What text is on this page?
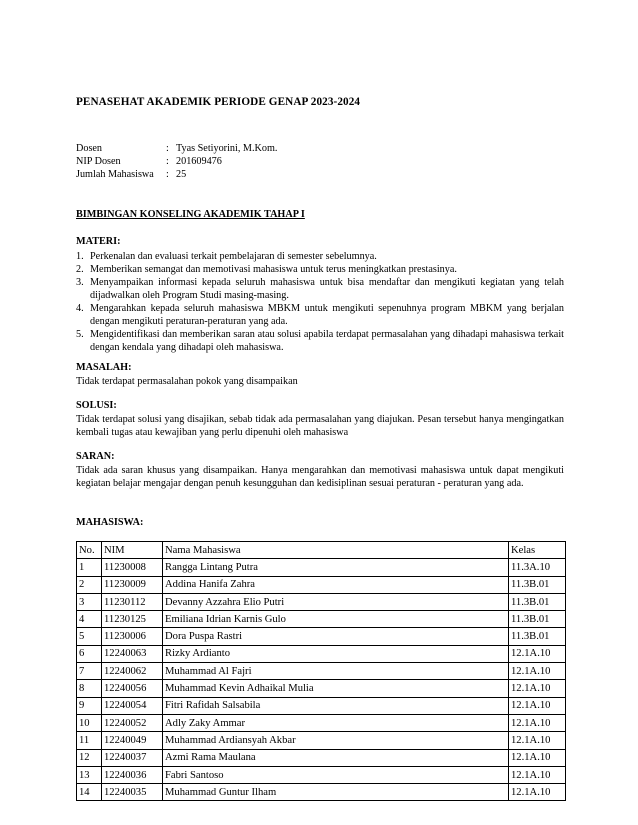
PENASEHAT AKADEMIK PERIODE GENAP 2023-2024
Dosen	: Tyas Setiyorini, M.Kom.
NIP Dosen	: 201609476
Jumlah Mahasiswa : 25
BIMBINGAN KONSELING AKADEMIK TAHAP I
MATERI:
1. Perkenalan dan evaluasi terkait pembelajaran di semester sebelumnya.
2. Memberikan semangat dan memotivasi mahasiswa untuk terus meningkatkan prestasinya.
3. Menyampaikan informasi kepada seluruh mahasiswa untuk bisa mendaftar dan mengikuti kegiatan yang telah dijadwalkan oleh Program Studi masing-masing.
4. Mengarahkan kepada seluruh mahasiswa MBKM untuk mengikuti sepenuhnya program MBKM yang berjalan dengan mengikuti peraturan-peraturan yang ada.
5. Mengidentifikasi dan memberikan saran atau solusi apabila terdapat permasalahan yang dihadapi mahasiswa terkait dengan kendala yang dihadapi oleh mahasiswa.
MASALAH:
Tidak terdapat permasalahan pokok yang disampaikan
SOLUSI:
Tidak terdapat solusi yang disajikan, sebab tidak ada permasalahan yang diajukan. Pesan tersebut hanya mengingatkan kembali tugas atau kewajiban yang perlu dipenuhi oleh mahasiswa
SARAN:
Tidak ada saran khusus yang disampaikan. Hanya mengarahkan dan memotivasi mahasiswa untuk dapat mengikuti kegiatan belajar mengajar dengan penuh kesungguhan dan kedisiplinan sesuai peraturan - peraturan yang ada.
MAHASISWA:
No.	NIM	Nama Mahasiswa	Kelas
1	11230008	Rangga Lintang Putra	11.3A.10
2	11230009	Addina Hanifa Zahra	11.3B.01
3	11230112	Devanny Azzahra Elio Putri	11.3B.01
4	11230125	Emiliana Idrian Karnis Gulo	11.3B.01
5	11230006	Dora Puspa Rastri	11.3B.01
6	12240063	Rizky Ardianto	12.1A.10
7	12240062	Muhammad Al Fajri	12.1A.10
8	12240056	Muhammad Kevin Adhaikal Mulia	12.1A.10
9	12240054	Fitri Rafidah Salsabila	12.1A.10
10	12240052	Adly Zaky Ammar	12.1A.10
11	12240049	Muhammad Ardiansyah Akbar	12.1A.10
12	12240037	Azmi Rama Maulana	12.1A.10
13	12240036	Fabri Santoso	12.1A.10
14	12240035	Muhammad Guntur Ilham	12.1A.10
